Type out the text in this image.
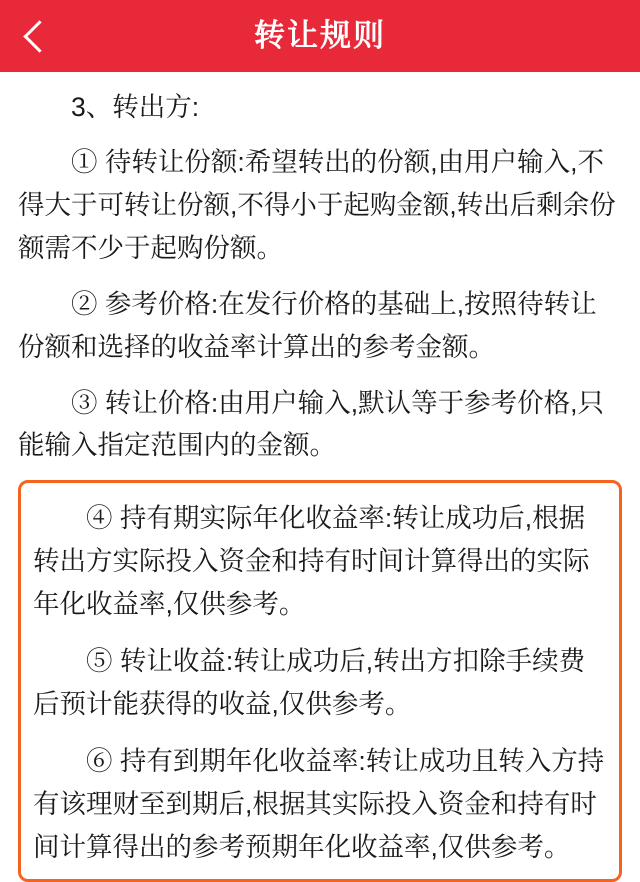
转让规则

3、转出方:

① 待转让份额:希望转出的份额,由用户输入,不得大于可转让份额,不得小于起购金额,转出后剩余份额需不少于起购份额。

② 参考价格:在发行价格的基础上,按照待转让份额和选择的收益率计算出的参考金额。

③ 转让价格:由用户输入,默认等于参考价格,只能输入指定范围内的金额。

④ 持有期实际年化收益率:转让成功后,根据转出方实际投入资金和持有时间计算得出的实际年化收益率,仅供参考。

⑤ 转让收益:转让成功后,转出方扣除手续费后预计能获得的收益,仅供参考。

⑥ 持有到期年化收益率:转让成功且转入方持有该理财至到期后,根据其实际投入资金和持有时间计算得出的参考预期年化收益率,仅供参考。
